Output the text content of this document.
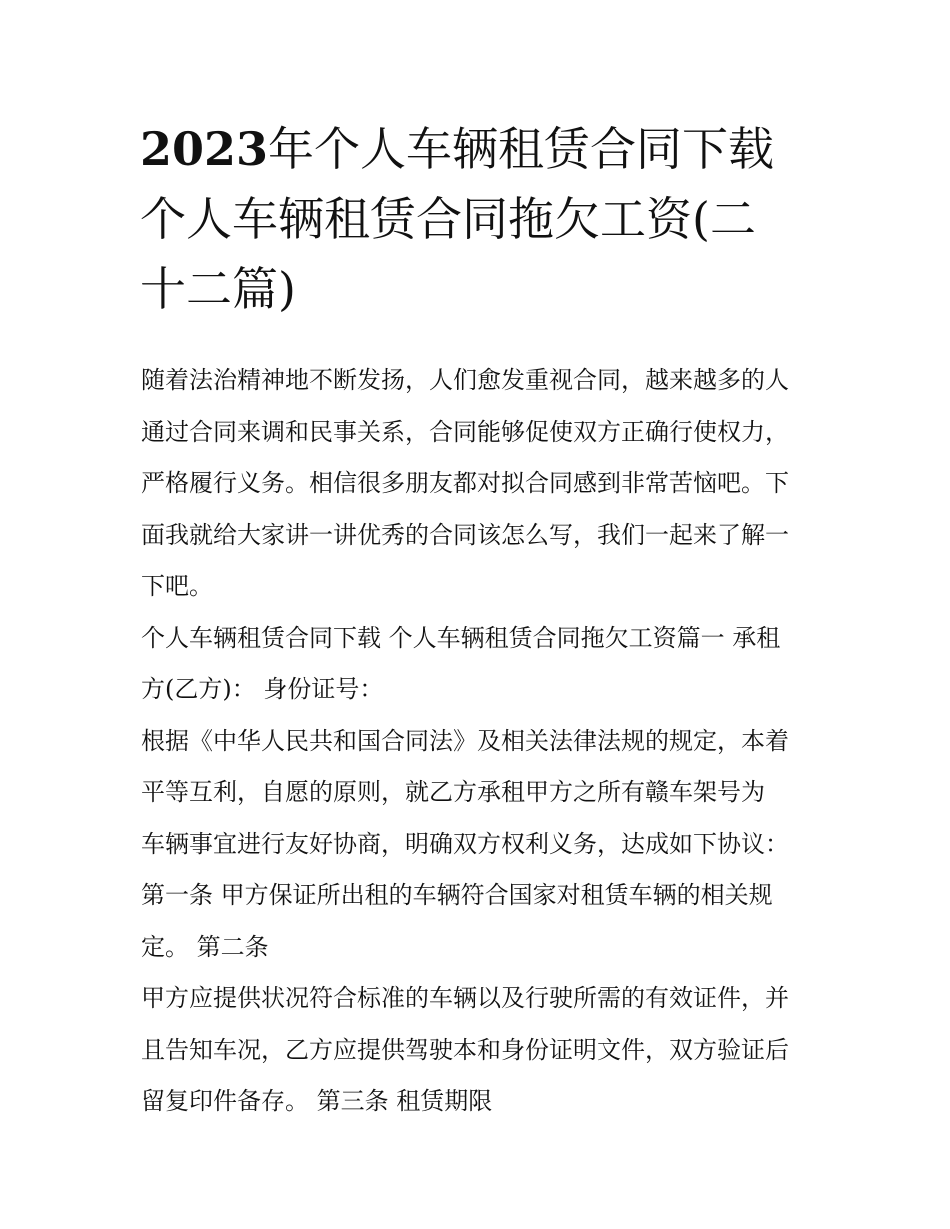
2023年个人车辆租赁合同下载
个人车辆租赁合同拖欠工资(二
十二篇)
随着法治精神地不断发扬，人们愈发重视合同，越来越多的人
通过合同来调和民事关系，合同能够促使双方正确行使权力，
严格履行义务。相信很多朋友都对拟合同感到非常苦恼吧。下
面我就给大家讲一讲优秀的合同该怎么写，我们一起来了解一
下吧。
个人车辆租赁合同下载 个人车辆租赁合同拖欠工资篇一 承租
方(乙方)： 身份证号：
根据《中华人民共和国合同法》及相关法律法规的规定，本着
平等互利，自愿的原则，就乙方承租甲方之所有赣车架号为
车辆事宜进行友好协商，明确双方权利义务，达成如下协议：
第一条 甲方保证所出租的车辆符合国家对租赁车辆的相关规
定。 第二条
甲方应提供状况符合标准的车辆以及行驶所需的有效证件，并
且告知车况，乙方应提供驾驶本和身份证明文件，双方验证后
留复印件备存。 第三条 租赁期限
